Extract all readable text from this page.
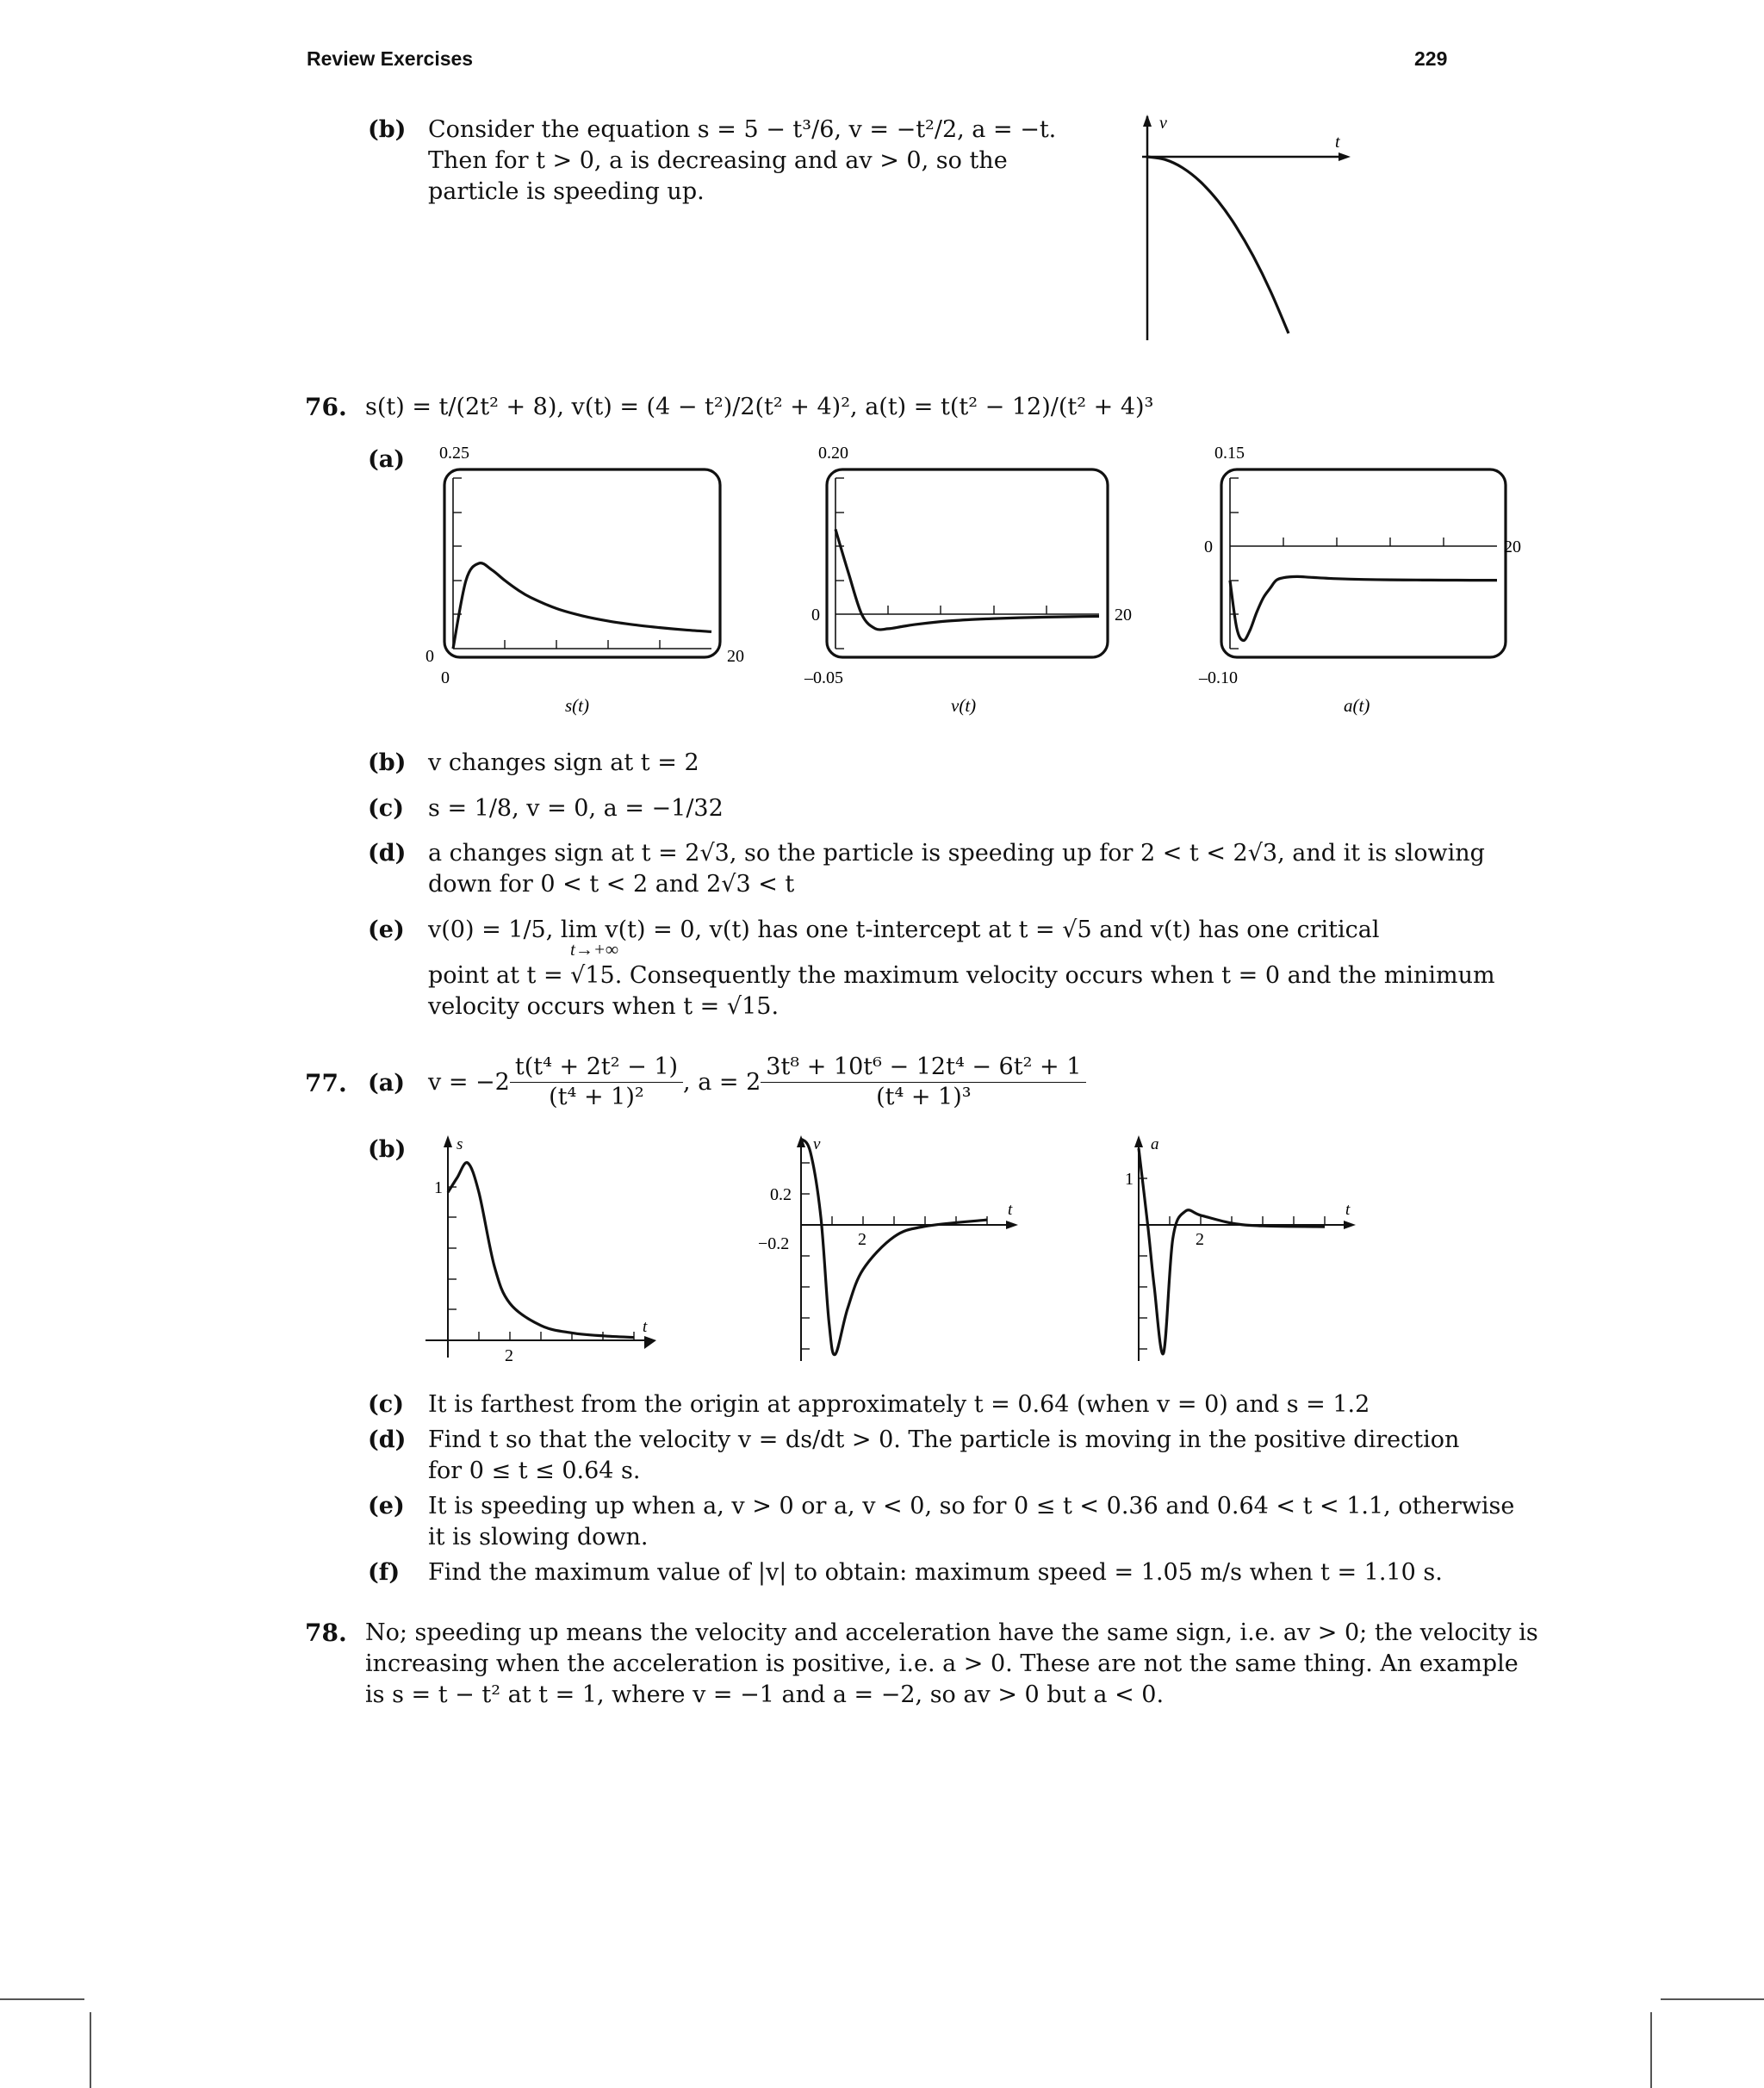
Review Exercises	229
(b) Consider the equation s = 5 − t³/6, v = −t²/2, a = −t.
Then for t > 0, a is decreasing and av > 0, so the
particle is speeding up.
v
t
76. s(t) = t/(2t² + 8), v(t) = (4 − t²)/2(t² + 4)², a(t) = t(t² − 12)/(t² + 4)³
(a) 0.25
0
0
20
s(t)
0.20
0	20
–0.05
v(t)
0.15
0	20
–0.10
a(t)
(b) v changes sign at t = 2
(c) s = 1/8, v = 0, a = −1/32
(d) a changes sign at t = 2√3, so the particle is speeding up for 2 < t < 2√3, and it is slowing
down for 0 < t < 2 and 2√3 < t
(e) v(0) = 1/5, lim v(t) = 0, v(t) has one t-intercept at t = √5 and v(t) has one critical
t→+∞
point at t = √15. Consequently the maximum velocity occurs when t = 0 and the minimum
velocity occurs when t = √15.
77. (a) $v = -2 \frac{\text{t(t⁴ + 2t² − 1)}}{\text{(t⁴ + 1)²}}$ , $a = 2 \frac{\text{3t⁸ + 10t⁶ − 12t⁴ − 6t² + 1}}{\text{(t⁴ + 1)³}}$
(b)	s
1
t
2
v
0.2
−0.2
t
2
a
1
t
2
(c) It is farthest from the origin at approximately t = 0.64 (when v = 0) and s = 1.2
(d) Find t so that the velocity v = ds/dt > 0. The particle is moving in the positive direction
for 0 ≤ t ≤ 0.64 s.
(e) It is speeding up when a, v > 0 or a, v < 0, so for 0 ≤ t < 0.36 and 0.64 < t < 1.1, otherwise
it is slowing down.
(f) Find the maximum value of |v| to obtain: maximum speed = 1.05 m/s when t = 1.10 s.
78. No; speeding up means the velocity and acceleration have the same sign, i.e. av > 0; the velocity is
increasing when the acceleration is positive, i.e. a > 0. These are not the same thing. An example
is s = t − t² at t = 1, where v = −1 and a = −2, so av > 0 but a < 0.
